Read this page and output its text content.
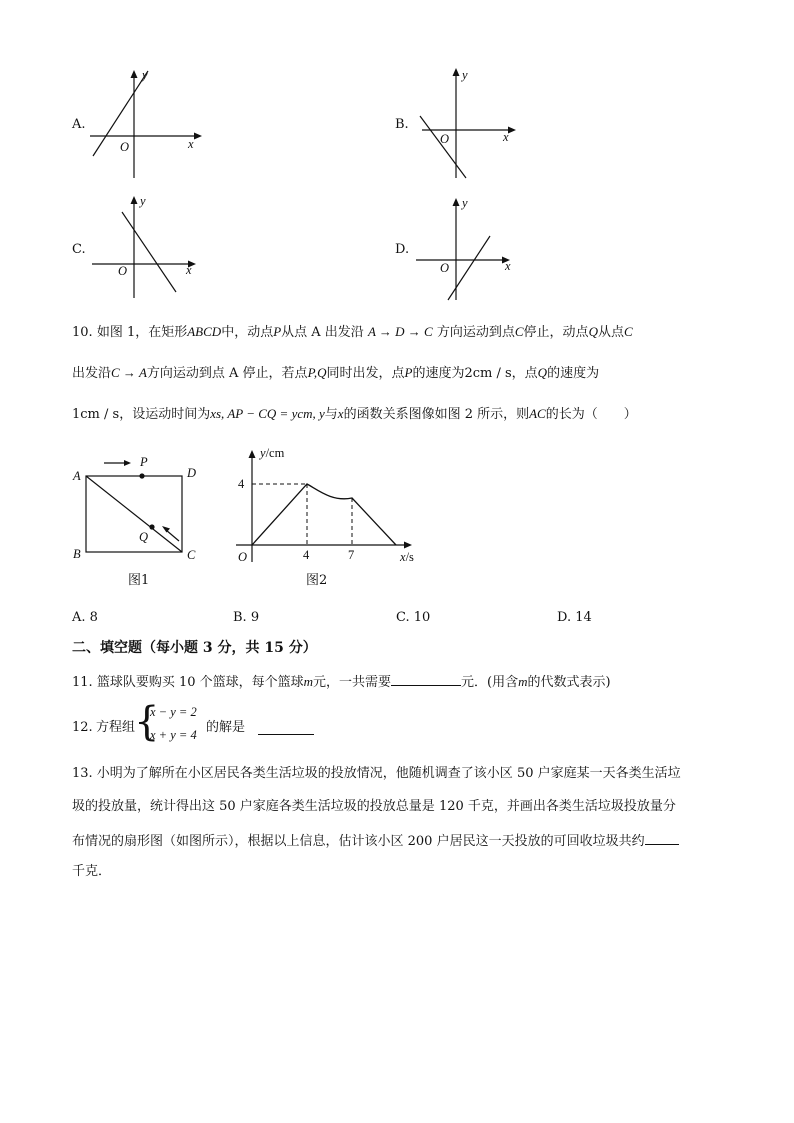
A.
O	x
y
B.
O	x
y
C.
O	x
y
D.
O	x
y
10. 如图 1，在矩形ABCD中，动点P从点 A 出发沿 A → D → C 方向运动到点C停止，动点Q从点C
出发沿C → A方向运动到点 A 停止，若点P,Q同时出发，点P的速度为2cm / s，点Q的速度为
1cm / s，设运动时间为xs, AP − CQ = ycm, y与x的函数关系图像如图 2 所示，则AC的长为（　　）
A	D
B	C
P
Q
图1
y/cm
4
O	4	7	x/s
图2
A. 8	B. 9	C. 10	D. 14
二、填空题（每小题 3 分，共 15 分）
11. 篮球队要购买 10 个篮球，每个篮球m元，一共需要	元．(用含m的代数式表示)
12. 方程组
{
x − y = 2
x + y = 4 的解是
13. 小明为了解所在小区居民各类生活垃圾的投放情况，他随机调查了该小区 50 户家庭某一天各类生活垃
圾的投放量，统计得出这 50 户家庭各类生活垃圾的投放总量是 120 千克，并画出各类生活垃圾投放量分
布情况的扇形图（如图所示），根据以上信息，估计该小区 200 户居民这一天投放的可回收垃圾共约
千克．
